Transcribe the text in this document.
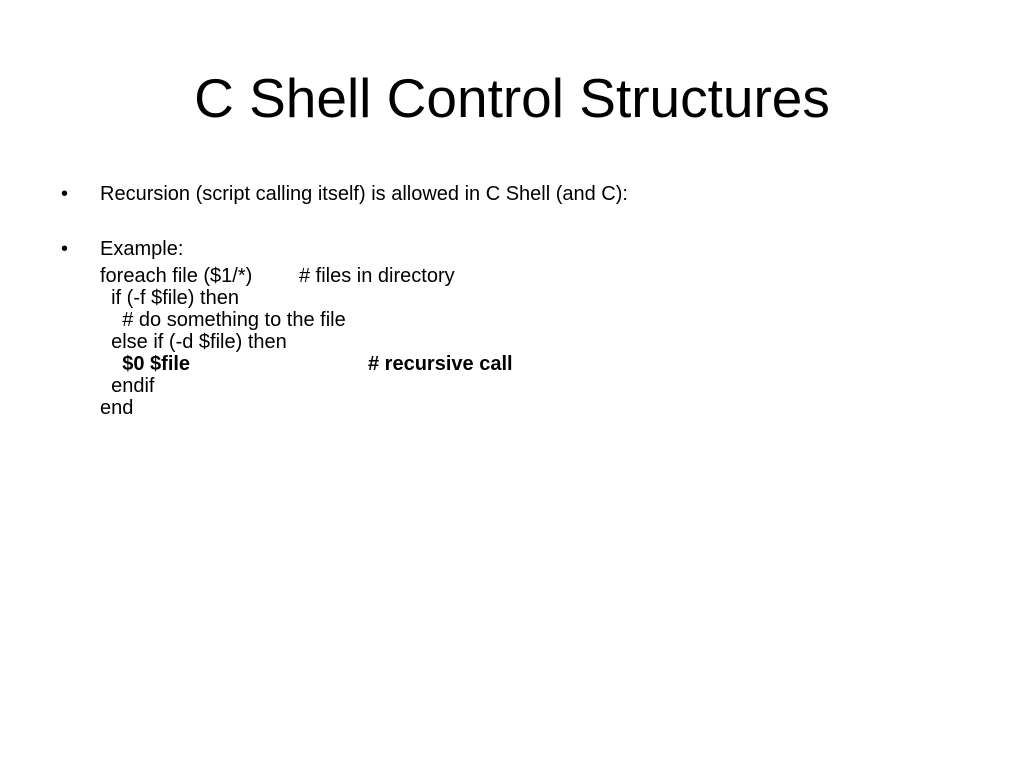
C Shell Control Structures
• Recursion (script calling itself) is allowed in C Shell (and C):
• Example:

foreach file ($1/*)

# files in directory

if (-f $file) then

# do something to the file

else if (-d $file) then

$0 $file

	# recursive call

endif

end
